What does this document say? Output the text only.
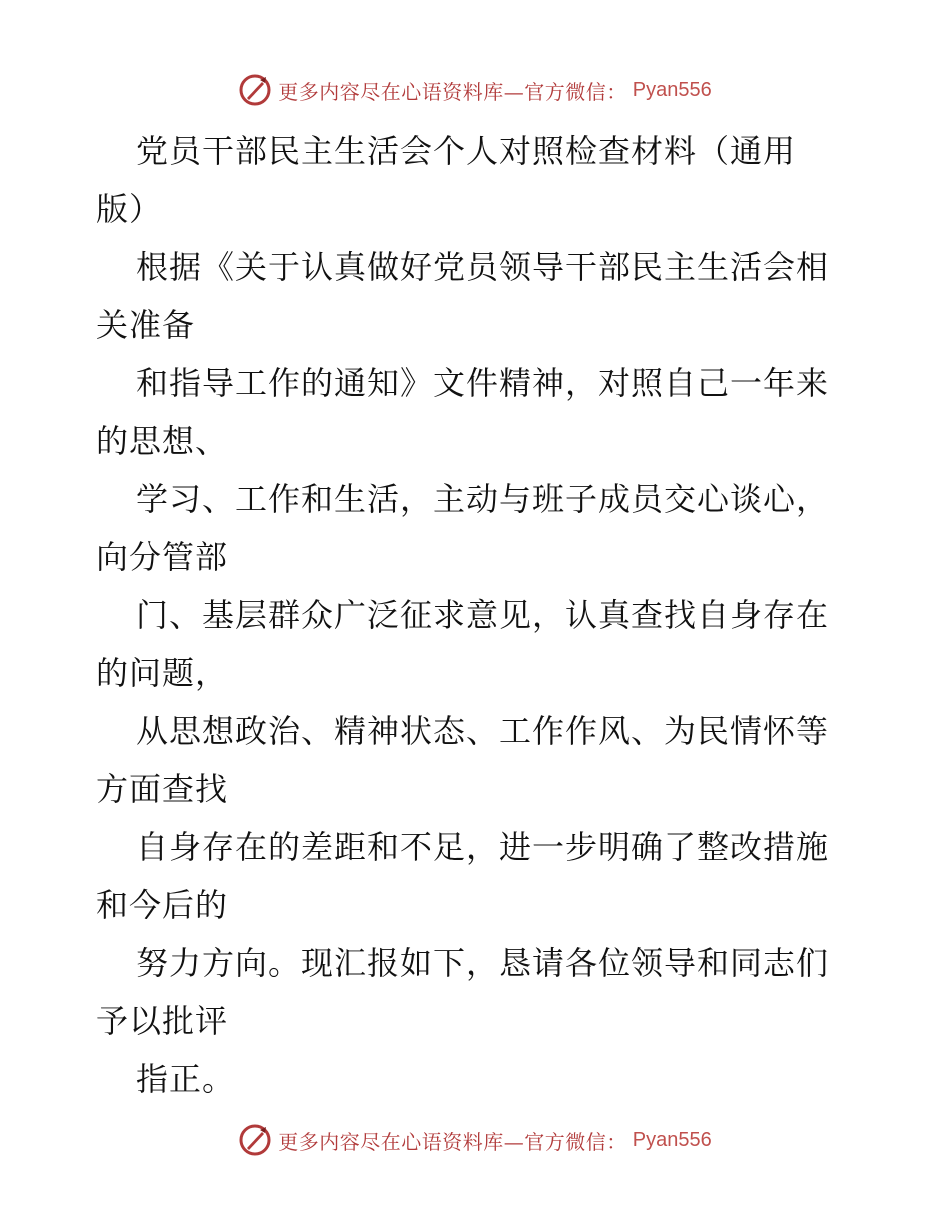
更多内容尽在心语资料库—官方微信： Pyan556
党员干部民主生活会个人对照检查材料（通用
版）
根据《关于认真做好党员领导干部民主生活会相
关准备
和指导工作的通知》文件精神，对照自己一年来
的思想、
学习、工作和生活，主动与班子成员交心谈心，
向分管部
门、基层群众广泛征求意见，认真查找自身存在
的问题，
从思想政治、精神状态、工作作风、为民情怀等
方面查找
自身存在的差距和不足，进一步明确了整改措施
和今后的
努力方向。现汇报如下，恳请各位领导和同志们
予以批评
指正。
更多内容尽在心语资料库—官方微信： Pyan556
